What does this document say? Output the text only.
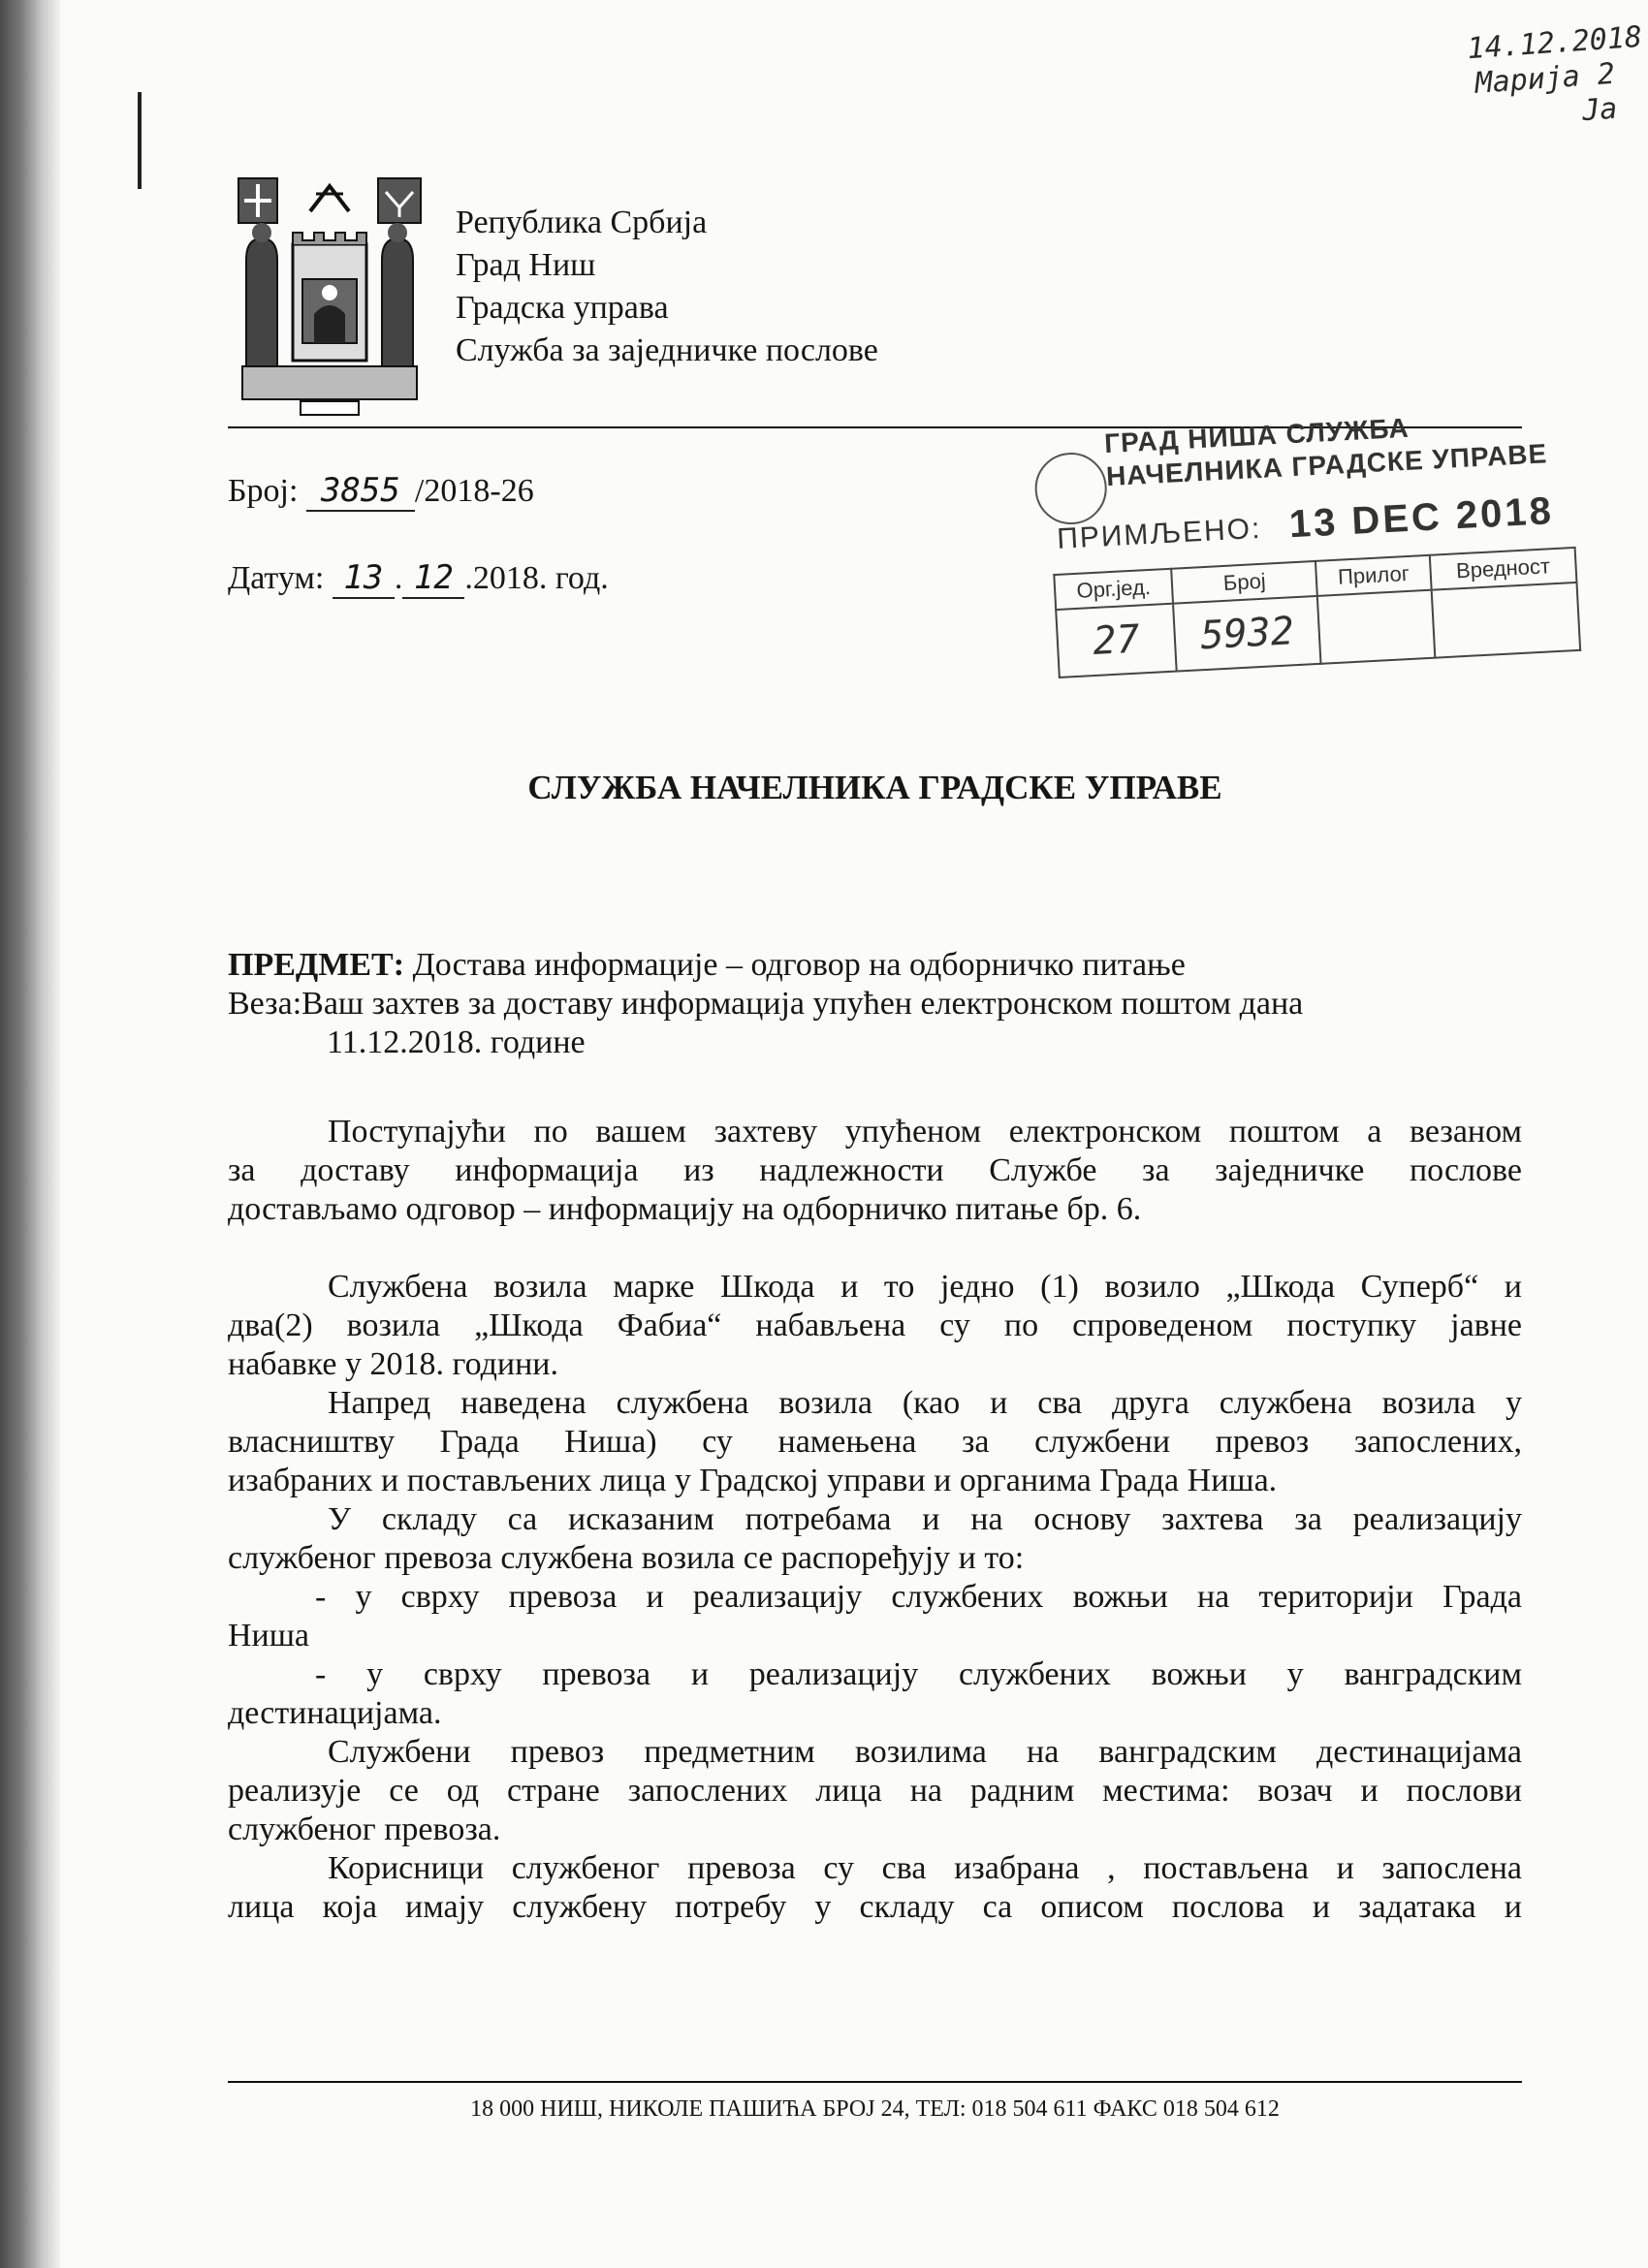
14.12.2018
Марија 2
Ја
Република Србија
Град Ниш
Градска управа
Служба за заједничке послове
Број: 3855 /2018-26
Датум: 13 . 12 .2018. год.
ГРАД НИША СЛУЖБА НАЧЕЛНИКА ГРАДСКЕ УПРАВЕ
ПРИМЉЕНО: 13 DEC 2018
Орг.јед.	Број	Прилог	Вредност
27	5932		
СЛУЖБА НАЧЕЛНИКА ГРАДСКЕ УПРАВЕ
ПРЕДМЕТ: Достава информације – одговор на одборничко питање
Веза:Ваш захтев за доставу информација упућен електронском поштом дана
11.12.2018. године
Поступајући по вашем захтеву упућеном електронском поштом а везаном
за доставу информација из надлежности Службе за заједничке послове
достављамо одговор – информацију на одборничко питање бр. 6.
Службена возила марке Шкода и то једно (1) возило „Шкода Суперб“ и
два(2) возила „Шкода Фабиа“ набављена су по спроведеном поступку јавне
набавке у 2018. години.
Напред наведена службена возила (као и сва друга службена возила у
власништву Града Ниша) су намењена за службени превоз запослених,
изабраних и постављених лица у Градској управи и органима Града Ниша.
У складу са исказаним потребама и на основу захтева за реализацију
службеног превоза службена возила се распоређују и то:
- у сврху превоза и реализацију службених вожњи на територији Града
Ниша
- у сврху превоза и реализацију службених вожњи у ванградским
дестинацијама.
Службени превоз предметним возилима на ванградским дестинацијама
реализује се од стране запослених лица на радним местима: возач и послови
службеног превоза.
Корисници службеног превоза су сва изабрана , постављена и запослена
лица која имају службену потребу у складу са описом послова и задатака и
18 000 НИШ, НИКОЛЕ ПАШИЋА БРОЈ 24, ТЕЛ: 018 504 611 ФАКС 018 504 612
